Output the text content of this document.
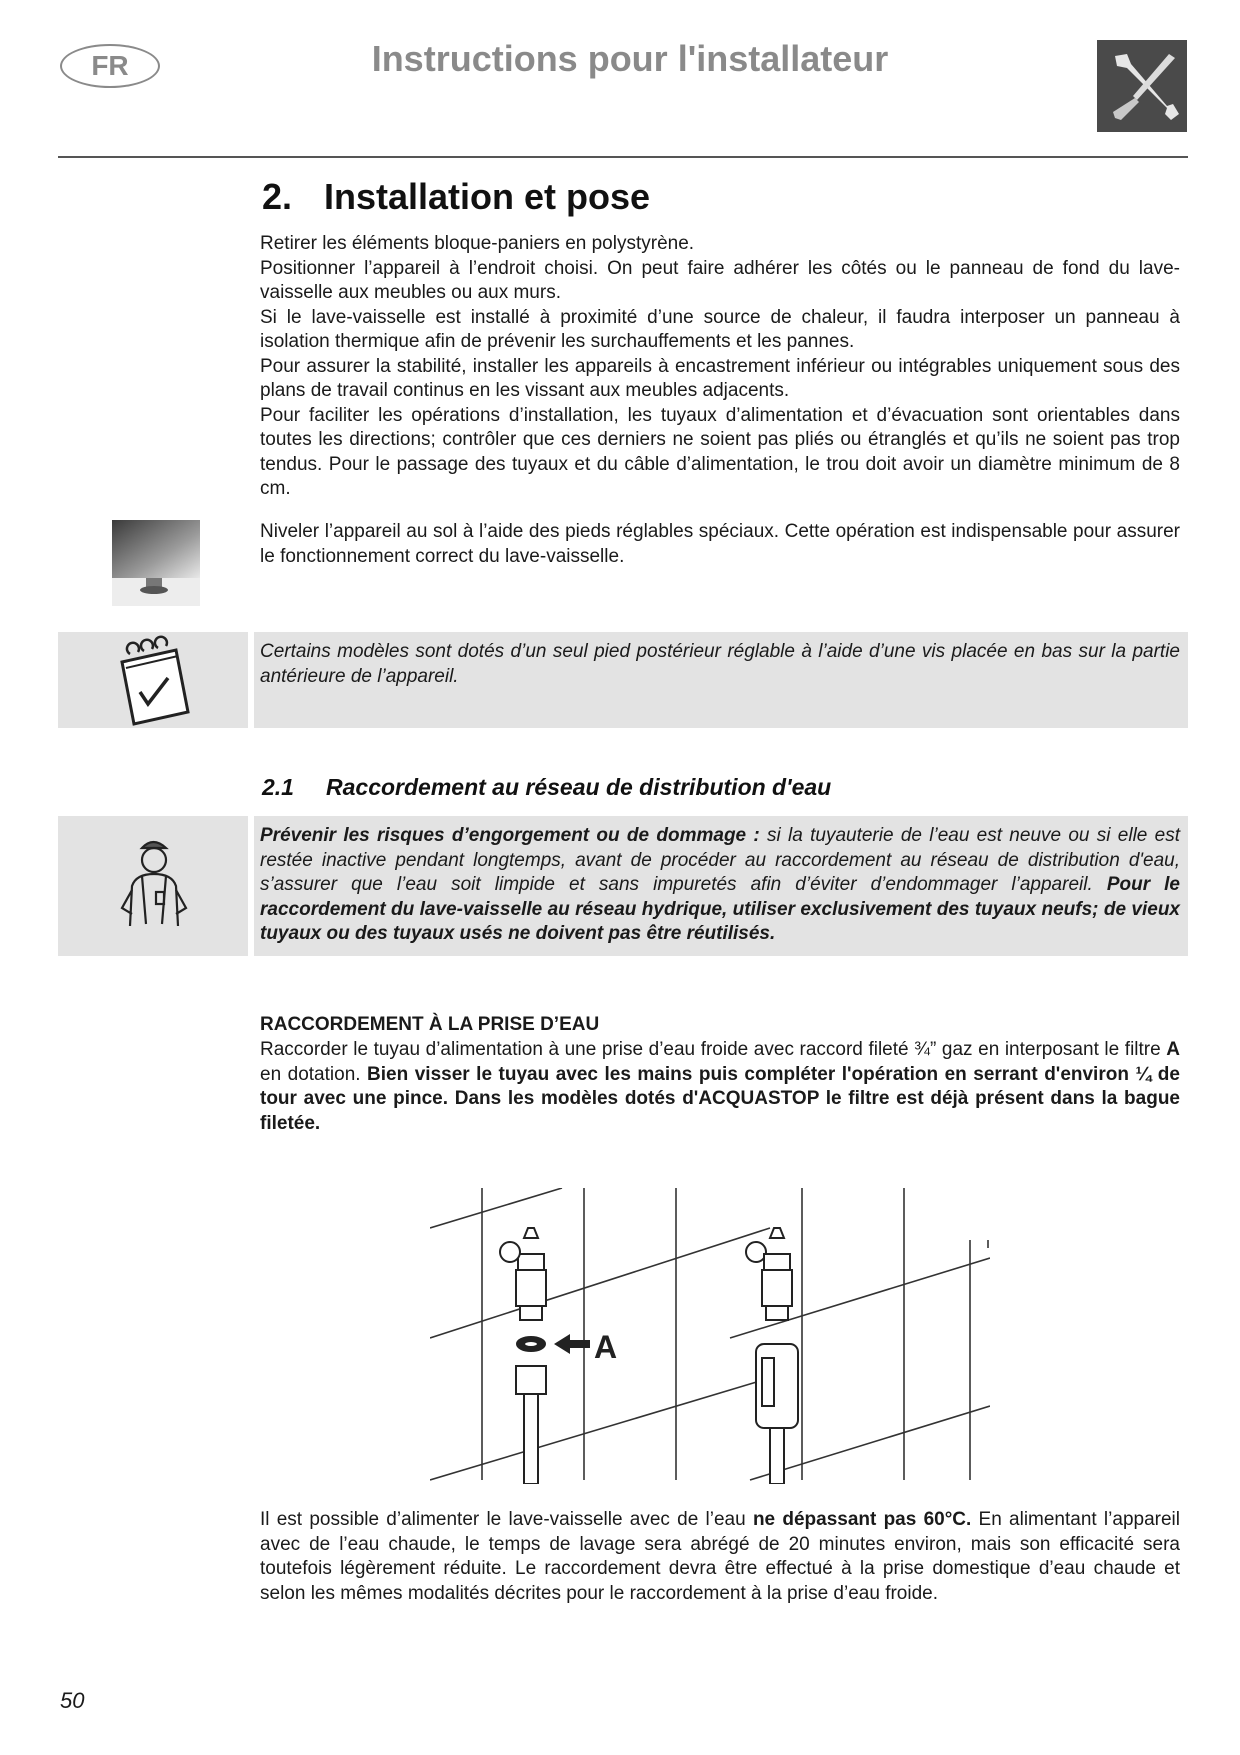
FR	Instructions pour l'installateur
2. Installation et pose

Retirer les éléments bloque-paniers en polystyrène.

Positionner l’appareil à l’endroit choisi. On peut faire adhérer les côtés ou le panneau de fond du lave-vaisselle aux meubles ou aux murs.

Si le lave-vaisselle est installé à proximité d’une source de chaleur, il faudra interposer un panneau à isolation thermique afin de prévenir les surchauffements et les pannes.

Pour assurer la stabilité, installer les appareils à encastrement inférieur ou intégrables uniquement sous des plans de travail continus en les vissant aux meubles adjacents.

Pour faciliter les opérations d’installation, les tuyaux d’alimentation et d’évacuation sont orientables dans toutes les directions; contrôler que ces derniers ne soient pas pliés ou étranglés et qu’ils ne soient pas trop tendus. Pour le passage des tuyaux et du câble d’alimentation, le trou doit avoir un diamètre minimum de 8 cm.

Niveler l’appareil au sol à l’aide des pieds réglables spéciaux. Cette opération est indispensable pour assurer le fonctionnement correct du lave-vaisselle.
Certains modèles sont dotés d’un seul pied postérieur réglable à l’aide d’une vis placée en bas sur la partie antérieure de l’appareil.
2.1 Raccordement au réseau de distribution d'eau
Prévenir les risques d’engorgement ou de dommage : si la tuyauterie de l’eau est neuve ou si elle est restée inactive pendant longtemps, avant de procéder au raccordement au réseau de distribution d'eau, s’assurer que l’eau soit limpide et sans impuretés afin d’éviter d’endommager l’appareil. Pour le raccordement du lave-vaisselle au réseau hydrique, utiliser exclusivement des tuyaux neufs; de vieux tuyaux ou des tuyaux usés ne doivent pas être réutilisés.
RACCORDEMENT À LA PRISE D’EAU
Raccorder le tuyau d’alimentation à une prise d’eau froide avec raccord fileté ¾” gaz en interposant le filtre A en dotation. Bien visser le tuyau avec les mains puis compléter l'opération en serrant d'environ ¼ de tour avec une pince. Dans les modèles dotés d'ACQUASTOP le filtre est déjà présent dans la bague filetée.
A
Il est possible d’alimenter le lave-vaisselle avec de l’eau ne dépassant pas 60°C. En alimentant l’appareil avec de l’eau chaude, le temps de lavage sera abrégé de 20 minutes environ, mais son efficacité sera toutefois légèrement réduite. Le raccordement devra être effectué à la prise domestique d’eau chaude et selon les mêmes modalités décrites pour le raccordement à la prise d’eau froide.
50
